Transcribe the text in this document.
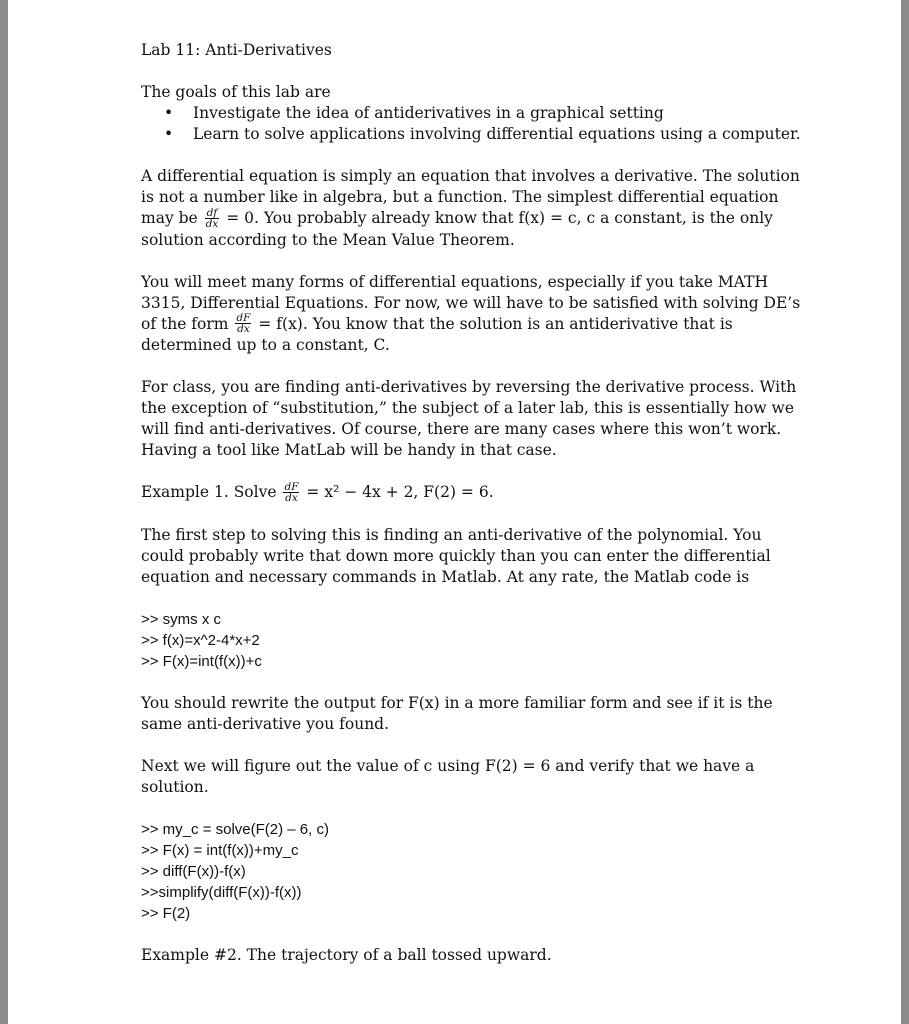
Lab 11: Anti-Derivatives

The goals of this lab are

• Investigate the idea of antiderivatives in a graphical setting
• Learn to solve applications involving differential equations using a computer.

A differential equation is simply an equation that involves a derivative. The solution

is not a number like in algebra, but a function. The simplest differential equation

may be $\frac{df}{dx} = 0$. You probably already know that f(x) = c, c a constant, is the only

solution according to the Mean Value Theorem.

You will meet many forms of differential equations, especially if you take MATH

3315, Differential Equations. For now, we will have to be satisfied with solving DE’s

of the form $\frac{dF}{dx} = f(x)$. You know that the solution is an antiderivative that is

determined up to a constant, C.

For class, you are finding anti-derivatives by reversing the derivative process. With

the exception of “substitution,” the subject of a later lab, this is essentially how we

will find anti-derivatives. Of course, there are many cases where this won’t work.

Having a tool like MatLab will be handy in that case.

Example 1. Solve $\frac{dF}{dx} = x^2 - 4x + 2$, F(2) = 6.

The first step to solving this is finding an anti-derivative of the polynomial. You

could probably write that down more quickly than you can enter the differential

equation and necessary commands in Matlab. At any rate, the Matlab code is

>> syms x c

>> f(x)=x^2-4*x+2

>> F(x)=int(f(x))+c

You should rewrite the output for F(x) in a more familiar form and see if it is the

same anti-derivative you found.

Next we will figure out the value of c using F(2) = 6 and verify that we have a

solution.

>> my_c = solve(F(2) – 6, c)

>> F(x) = int(f(x))+my_c

>> diff(F(x))-f(x)

>>simplify(diff(F(x))-f(x))

>> F(2)

Example #2. The trajectory of a ball tossed upward.
